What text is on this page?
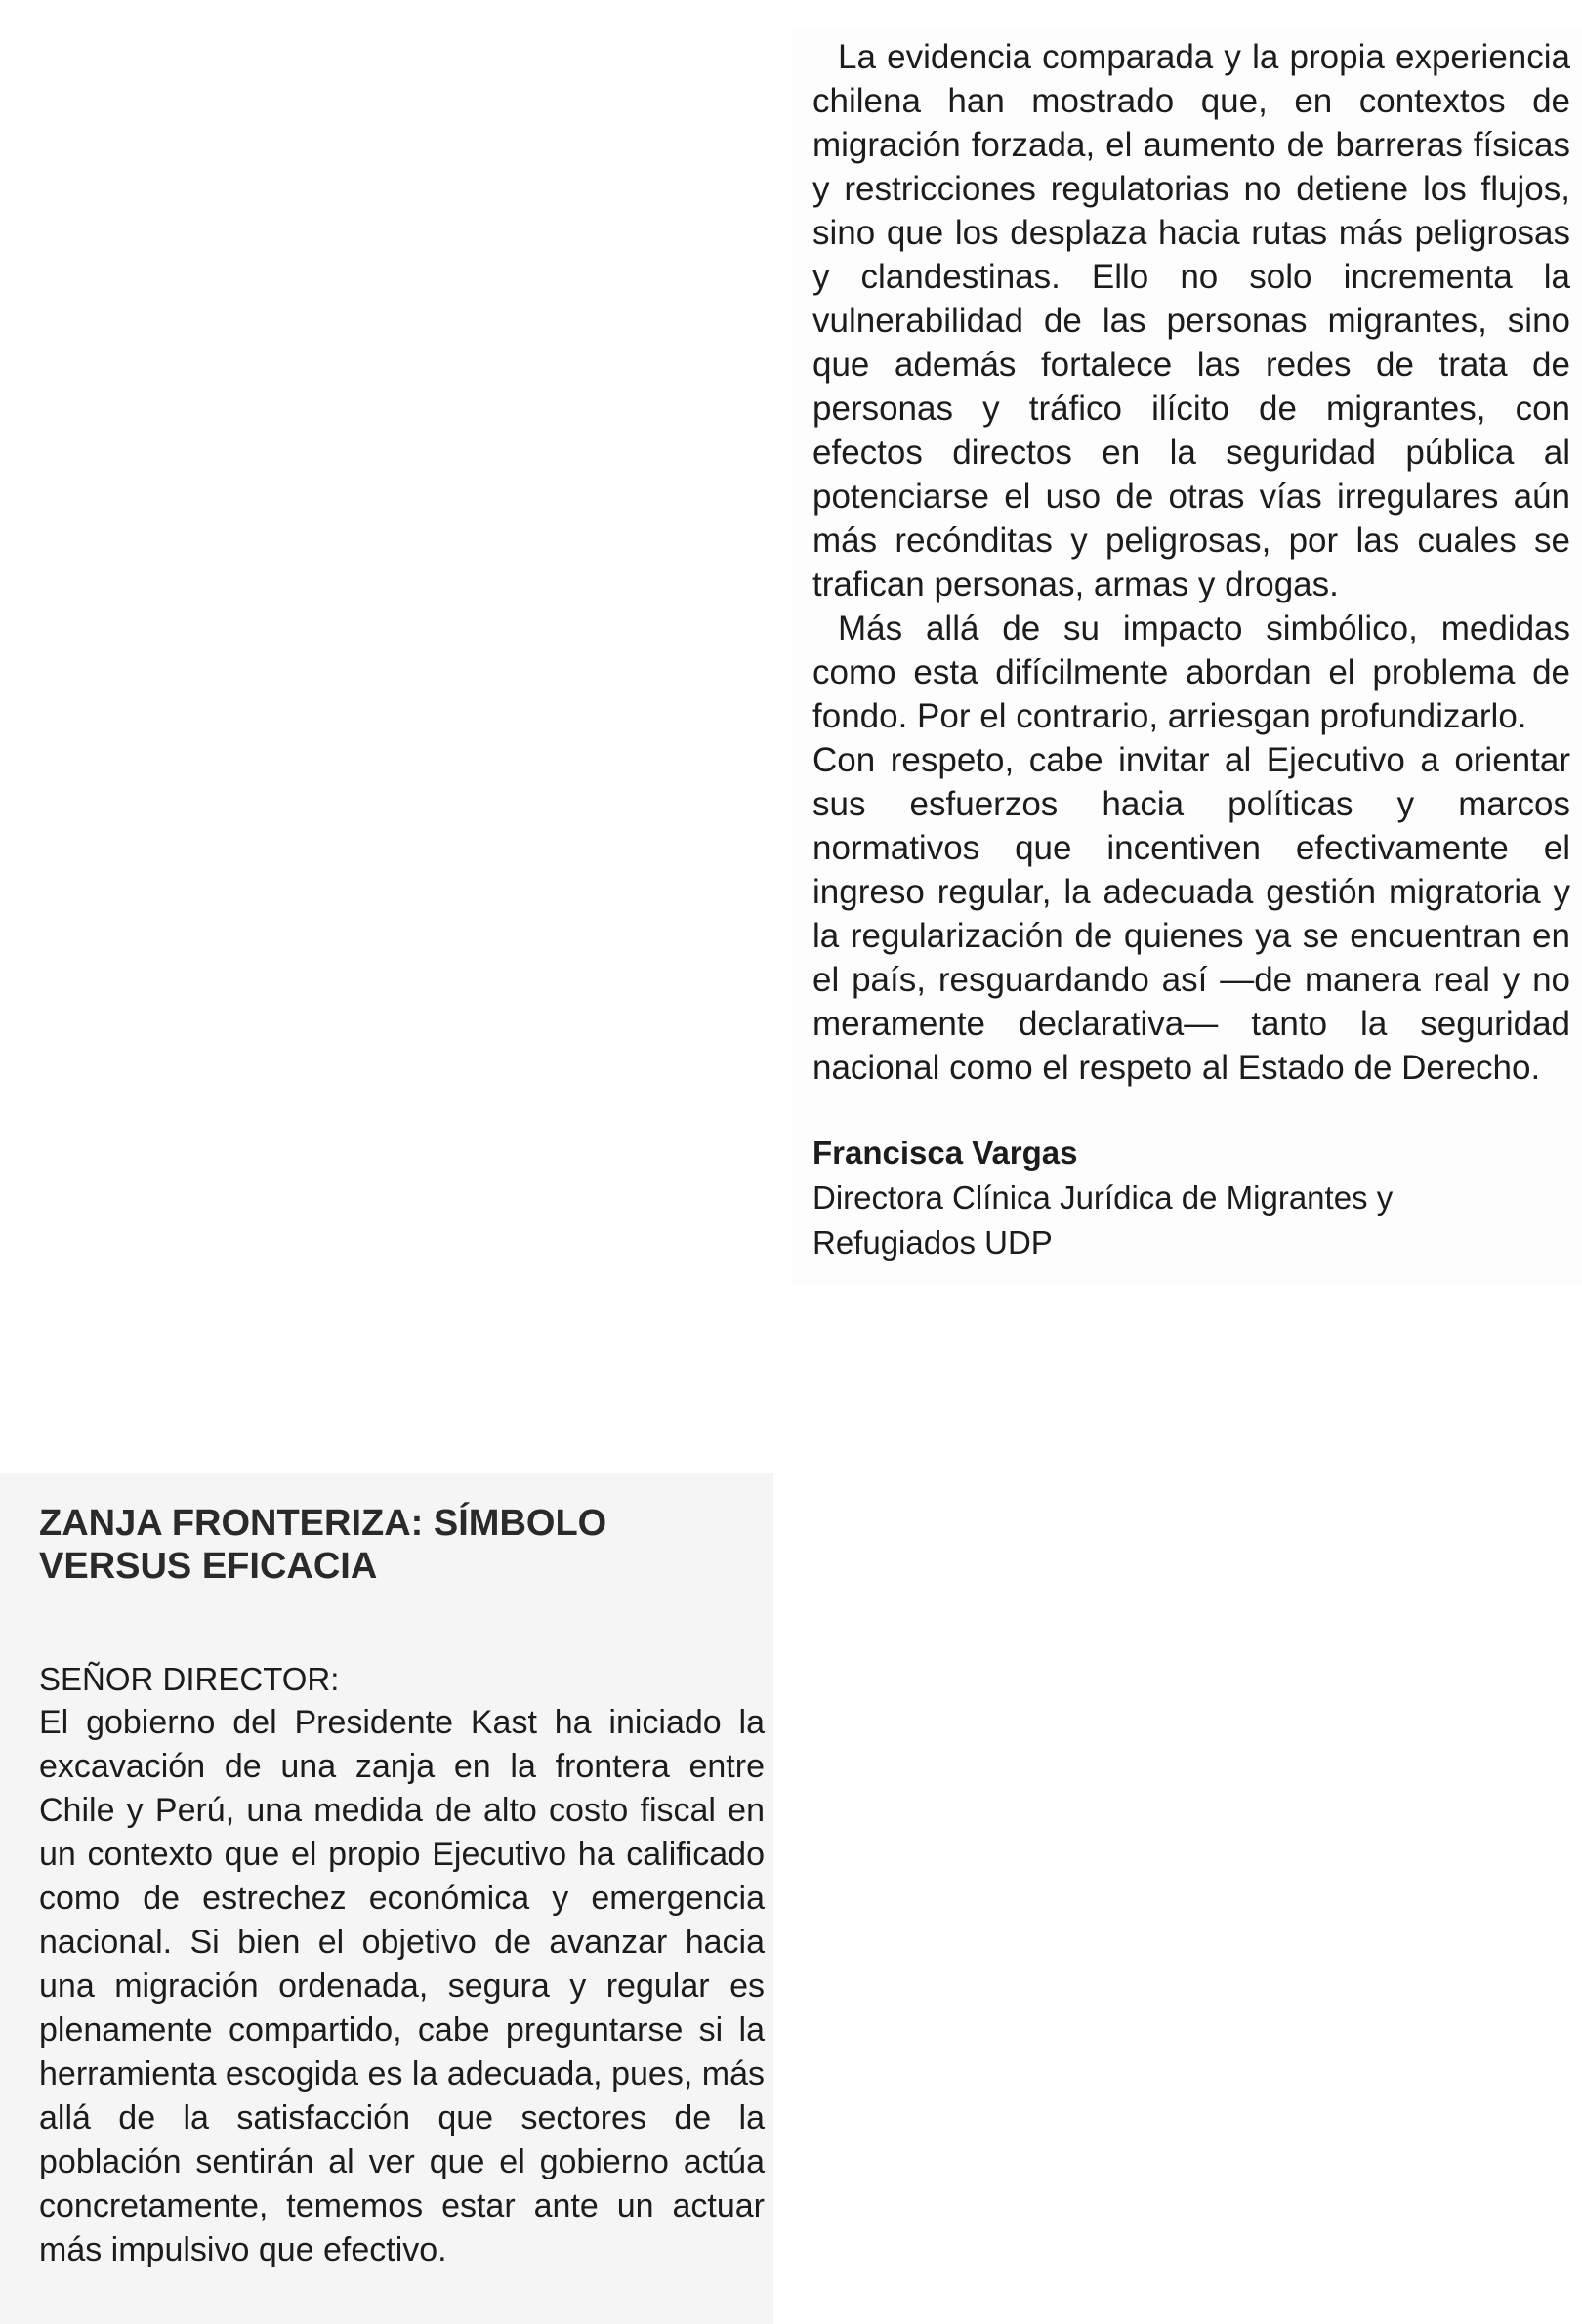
La evidencia comparada y la propia experiencia chilena han mostrado que, en contextos de migración forzada, el aumento de barreras físicas y restricciones regulatorias no detiene los flujos, sino que los desplaza hacia rutas más peligrosas y clandestinas. Ello no solo incrementa la vulnerabilidad de las personas migrantes, sino que además fortalece las redes de trata de personas y tráfico ilícito de migrantes, con efectos directos en la seguridad pública al potenciarse el uso de otras vías irregulares aún más recónditas y peligrosas, por las cuales se trafican personas, armas y drogas.

Más allá de su impacto simbólico, medidas como esta difícilmente abordan el problema de fondo. Por el contrario, arriesgan profundizarlo.

Con respeto, cabe invitar al Ejecutivo a orientar sus esfuerzos hacia políticas y marcos normativos que incentiven efectivamente el ingreso regular, la adecuada gestión migratoria y la regularización de quienes ya se encuentran en el país, resguardando así —de manera real y no meramente declarativa— tanto la seguridad nacional como el respeto al Estado de Derecho.

Francisca Vargas
Directora Clínica Jurídica de Migrantes y Refugiados UDP
ZANJA FRONTERIZA: SÍMBOLO VERSUS EFICACIA
SEÑOR DIRECTOR:

El gobierno del Presidente Kast ha iniciado la excavación de una zanja en la frontera entre Chile y Perú, una medida de alto costo fiscal en un contexto que el propio Ejecutivo ha calificado como de estrechez económica y emergencia nacional. Si bien el objetivo de avanzar hacia una migración ordenada, segura y regular es plenamente compartido, cabe preguntarse si la herramienta escogida es la adecuada, pues, más allá de la satisfacción que sectores de la población sentirán al ver que el gobierno actúa concretamente, tememos estar ante un actuar más impulsivo que efectivo.
